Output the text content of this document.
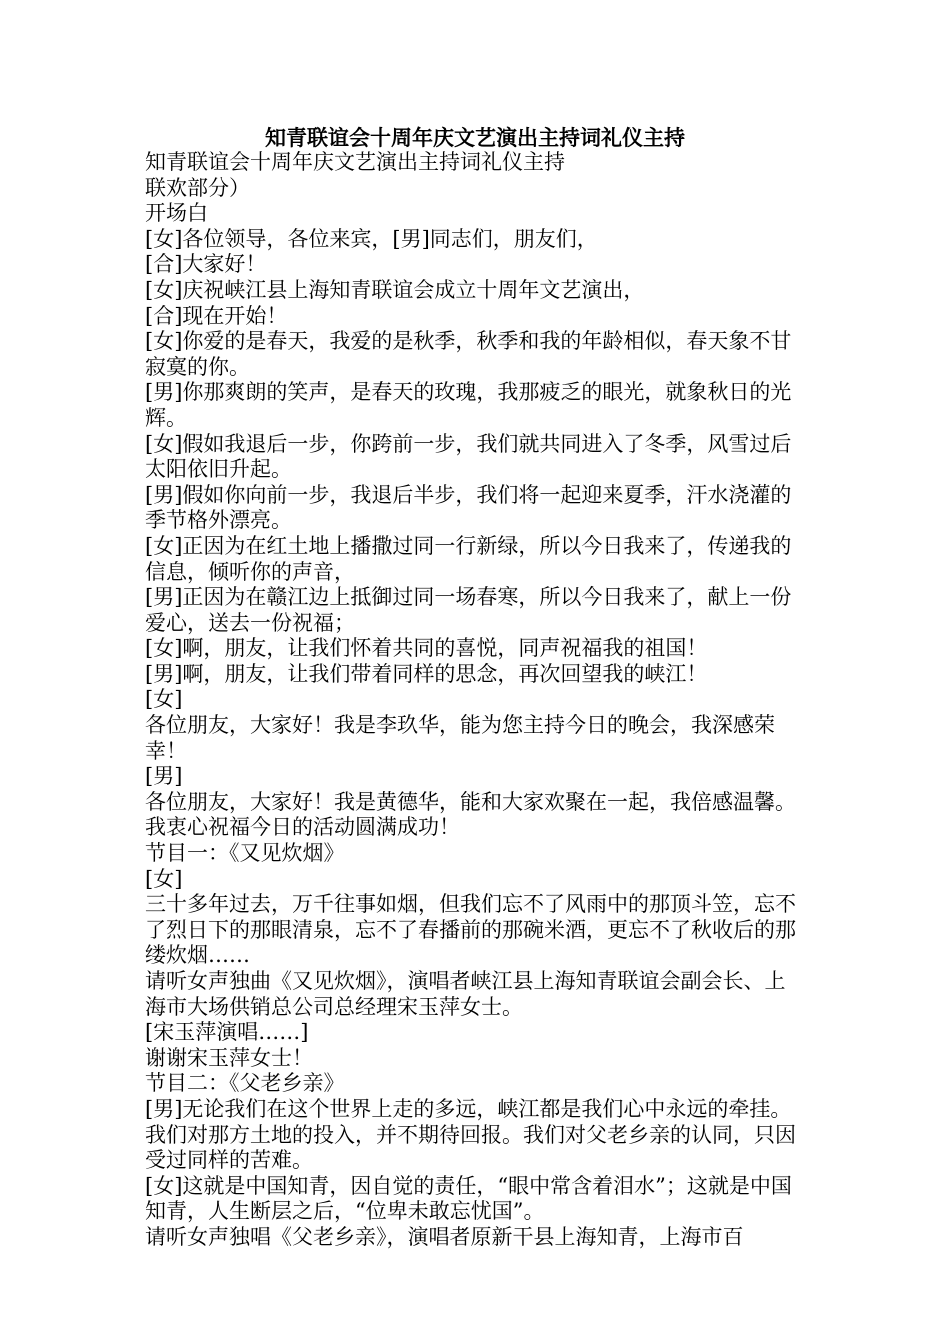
知青联谊会十周年庆文艺演出主持词礼仪主持

知青联谊会十周年庆文艺演出主持词礼仪主持

联欢部分）

开场白

[女]各位领导，各位来宾，[男]同志们，朋友们，

[合]大家好！

[女]庆祝峡江县上海知青联谊会成立十周年文艺演出，

[合]现在开始！

[女]你爱的是春天，我爱的是秋季，秋季和我的年龄相似，春天象不甘寂寞的你。

[男]你那爽朗的笑声，是春天的玫瑰，我那疲乏的眼光，就象秋日的光辉。

[女]假如我退后一步，你跨前一步，我们就共同进入了冬季，风雪过后太阳依旧升起。

[男]假如你向前一步，我退后半步，我们将一起迎来夏季，汗水浇灌的季节格外漂亮。

[女]正因为在红土地上播撒过同一行新绿，所以今日我来了，传递我的信息，倾听你的声音，

[男]正因为在赣江边上抵御过同一场春寒，所以今日我来了，献上一份爱心，送去一份祝福；

[女]啊，朋友，让我们怀着共同的喜悦，同声祝福我的祖国！

[男]啊，朋友，让我们带着同样的思念，再次回望我的峡江！

[女]

各位朋友，大家好！我是李玖华，能为您主持今日的晚会，我深感荣幸！

[男]

各位朋友，大家好！我是黄德华，能和大家欢聚在一起，我倍感温馨。我衷心祝福今日的活动圆满成功！

节目一：《又见炊烟》

[女]

三十多年过去，万千往事如烟，但我们忘不了风雨中的那顶斗笠，忘不了烈日下的那眼清泉，忘不了春播前的那碗米酒，更忘不了秋收后的那缕炊烟……

请听女声独曲《又见炊烟》，演唱者峡江县上海知青联谊会副会长、上海市大场供销总公司总经理宋玉萍女士。

[宋玉萍演唱……]

谢谢宋玉萍女士！

节目二：《父老乡亲》

[男]无论我们在这个世界上走的多远，峡江都是我们心中永远的牵挂。我们对那方土地的投入，并不期待回报。我们对父老乡亲的认同，只因受过同样的苦难。

[女]这就是中国知青，因自觉的责任，“眼中常含着泪水”；这就是中国知青，人生断层之后，“位卑未敢忘忧国”。

请听女声独唱《父老乡亲》，演唱者原新干县上海知青，上海市百
